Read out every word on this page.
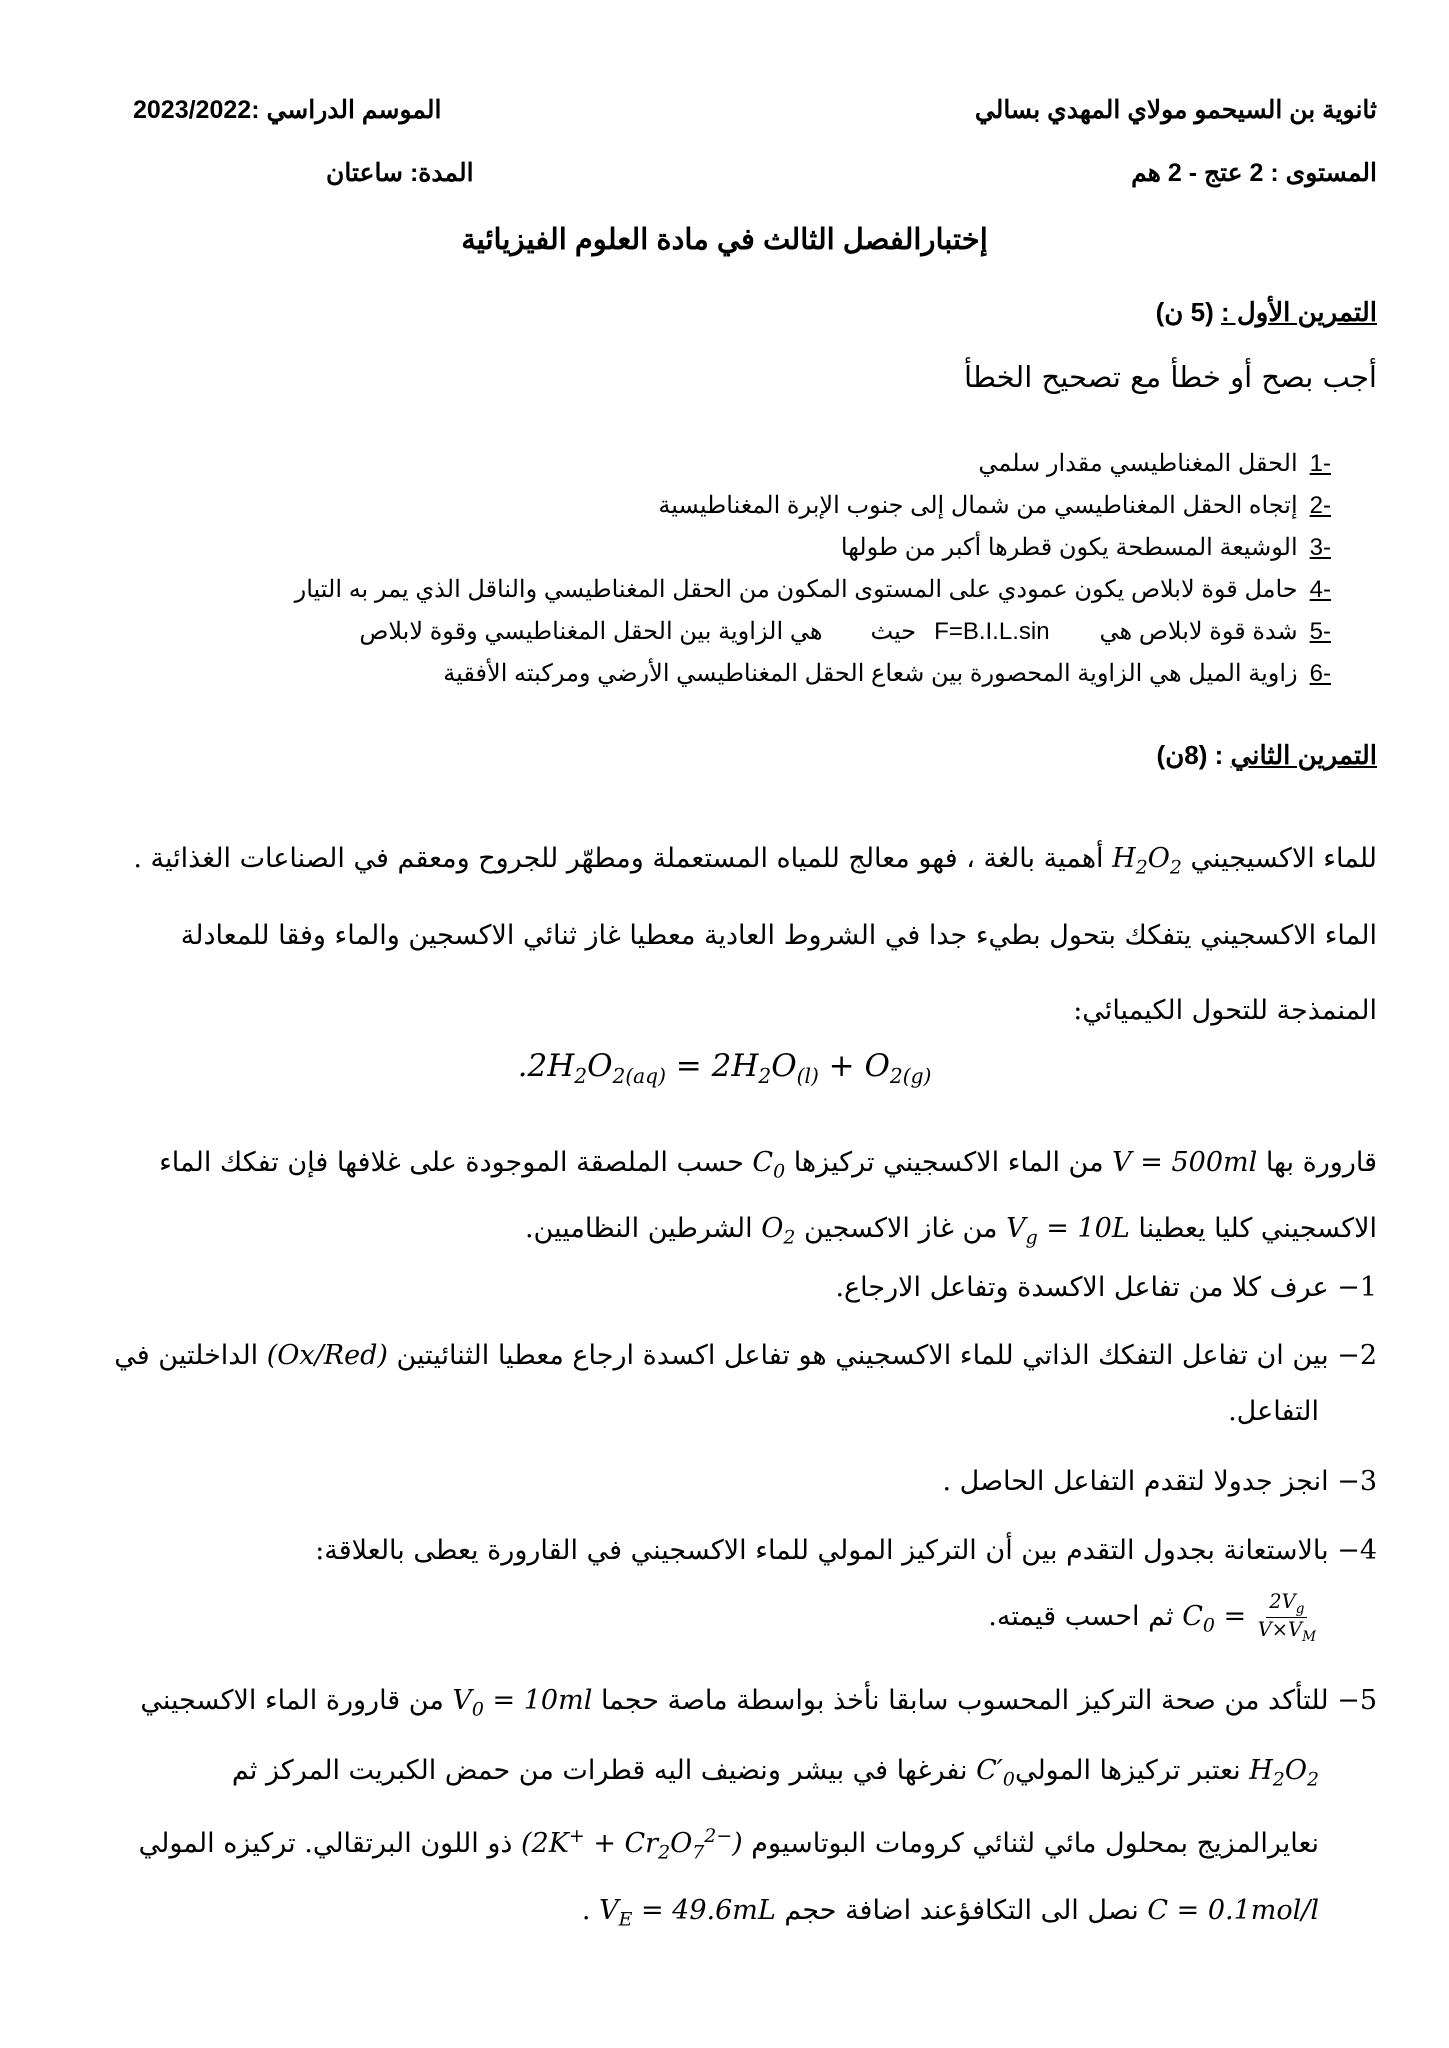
ثانوية بن السيحمو مولاي المهدي بسالي
الموسم الدراسي :2023/2022
المستوى : 2 عتج - 2 هم
المدة: ساعتان
إختبارالفصل الثالث في مادة العلوم الفيزيائية
التمرين الأول : (5 ن)
أجب بصح أو خطأ مع تصحيح الخطأ
-1الحقل المغناطيسي مقدار سلمي
-2إتجاه الحقل المغناطيسي من شمال إلى جنوب الإبرة المغناطيسية
-3الوشيعة المسطحة يكون قطرها أكبر من طولها
-4حامل قوة لابلاص يكون عمودي على المستوى المكون من الحقل المغناطيسي والناقل الذي يمر به التيار
-5شدة قوة لابلاص هيF=B.I.L.sinحيثهي الزاوية بين الحقل المغناطيسي وقوة لابلاص
-6زاوية الميل هي الزاوية المحصورة بين شعاع الحقل المغناطيسي الأرضي ومركبته الأفقية
التمرين الثاني : (8ن)
للماء الاكسيجيني $H_2O_2$ أهمية بالغة ، فهو معالج للمياه المستعملة ومطهّر للجروح ومعقم في الصناعات الغذائية .
الماء الاكسجيني يتفكك بتحول بطيء جدا في الشروط العادية معطيا غاز ثنائي الاكسجين والماء وفقا للمعادلة
المنمذجة للتحول الكيميائي:
قارورة بها V = 500ml من الماء الاكسجيني تركيزها $C_0$ حسب الملصقة الموجودة على غلافها فإن تفكك الماء
الاكسجيني كليا يعطينا $V_g = 10L$ من غاز الاكسجين $O_2$ الشرطين النظاميين.
1− عرف كلا من تفاعل الاكسدة وتفاعل الارجاع.
2− بين ان تفاعل التفكك الذاتي للماء الاكسجيني هو تفاعل اكسدة ارجاع معطيا الثنائيتين (Ox/Red) الداخلتين في
التفاعل.
3− انجز جدولا لتقدم التفاعل الحاصل .
4− بالاستعانة بجدول التقدم بين أن التركيز المولي للماء الاكسجيني في القارورة يعطى بالعلاقة:
$C_0 = \frac{2V_g}{V\times V_M}$
ثم احسب قيمته.
5− للتأكد من صحة التركيز المحسوب سابقا نأخذ بواسطة ماصة حجما $V_0 = 10ml$ من قارورة الماء الاكسجيني
$H_2O_2$ نعتبر تركيزها $الموليC'_0$ نفرغها في بيشر ونضيف اليه قطرات من حمض الكبريت المركز ثم
نعايرالمزيج بمحلول مائي لثنائي كرومات البوتاسيوم $(2K^+ + Cr_2O_7^{2-})$ ذو اللون البرتقالي. تركيزه المولي
C = 0.1mol/l نصل الى التكافؤعند اضافة حجم $V_E = 49.6mL$ .
$.2H_2O_{2(aq)} = 2H_2O_{(l)} + O_{2(g)}$
